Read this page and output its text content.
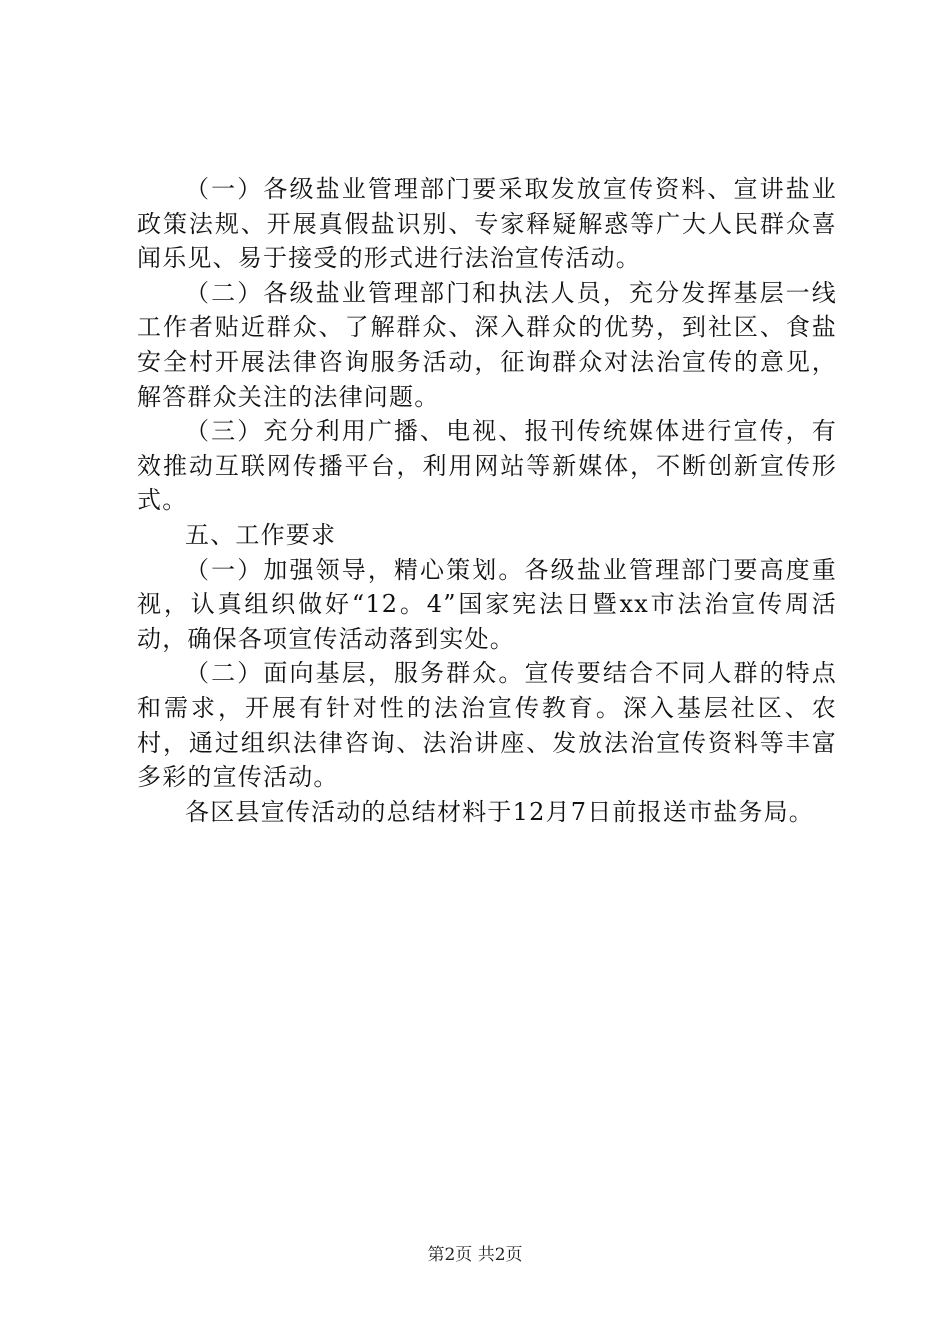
（一）各级盐业管理部门要采取发放宣传资料、宣讲盐业政策法规、开展真假盐识别、专家释疑解惑等广大人民群众喜闻乐见、易于接受的形式进行法治宣传活动。

（二）各级盐业管理部门和执法人员，充分发挥基层一线工作者贴近群众、了解群众、深入群众的优势，到社区、食盐安全村开展法律咨询服务活动，征询群众对法治宣传的意见，解答群众关注的法律问题。

（三）充分利用广播、电视、报刊传统媒体进行宣传，有效推动互联网传播平台，利用网站等新媒体，不断创新宣传形式。

五、工作要求

（一）加强领导，精心策划。各级盐业管理部门要高度重视，认真组织做好“12。4”国家宪法日暨xx市法治宣传周活动，确保各项宣传活动落到实处。

（二）面向基层，服务群众。宣传要结合不同人群的特点和需求，开展有针对性的法治宣传教育。深入基层社区、农村，通过组织法律咨询、法治讲座、发放法治宣传资料等丰富多彩的宣传活动。

各区县宣传活动的总结材料于12月7日前报送市盐务局。

第2页 共2页
